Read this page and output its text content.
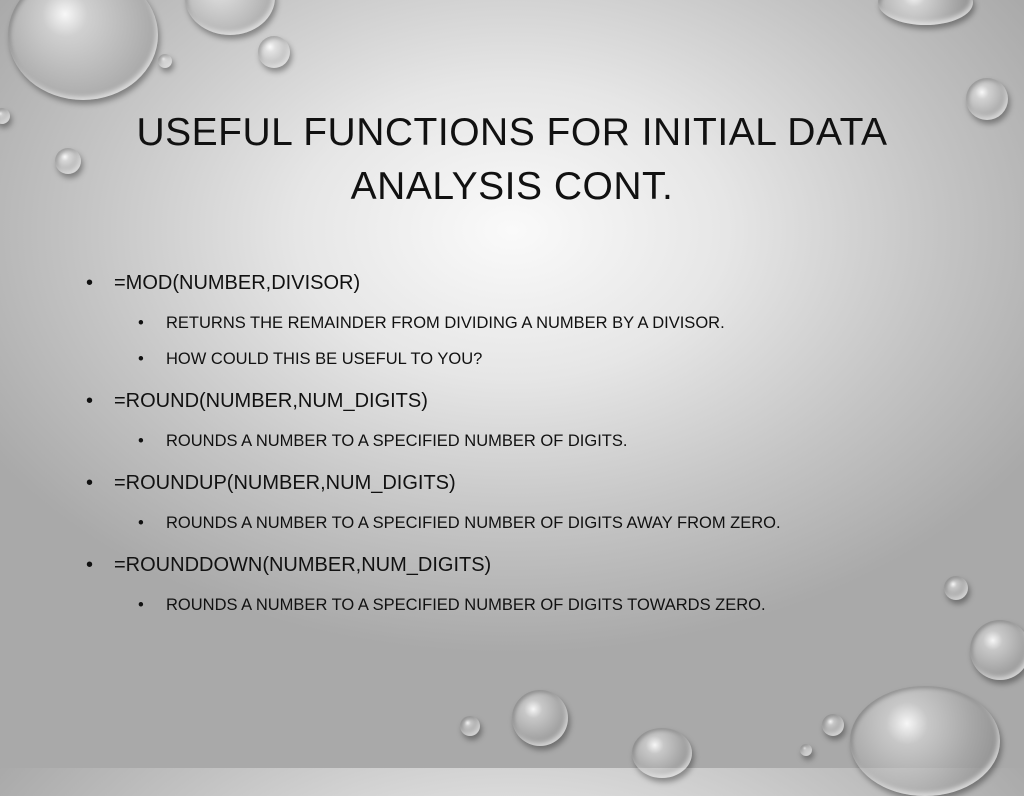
USEFUL FUNCTIONS FOR INITIAL DATA
ANALYSIS CONT.
• =MOD(NUMBER,DIVISOR)
• RETURNS THE REMAINDER FROM DIVIDING A NUMBER BY A DIVISOR.
• HOW COULD THIS BE USEFUL TO YOU?
• =ROUND(NUMBER,NUM_DIGITS)
• ROUNDS A NUMBER TO A SPECIFIED NUMBER OF DIGITS.
• =ROUNDUP(NUMBER,NUM_DIGITS)
• ROUNDS A NUMBER TO A SPECIFIED NUMBER OF DIGITS AWAY FROM ZERO.
• =ROUNDDOWN(NUMBER,NUM_DIGITS)
• ROUNDS A NUMBER TO A SPECIFIED NUMBER OF DIGITS TOWARDS ZERO.
